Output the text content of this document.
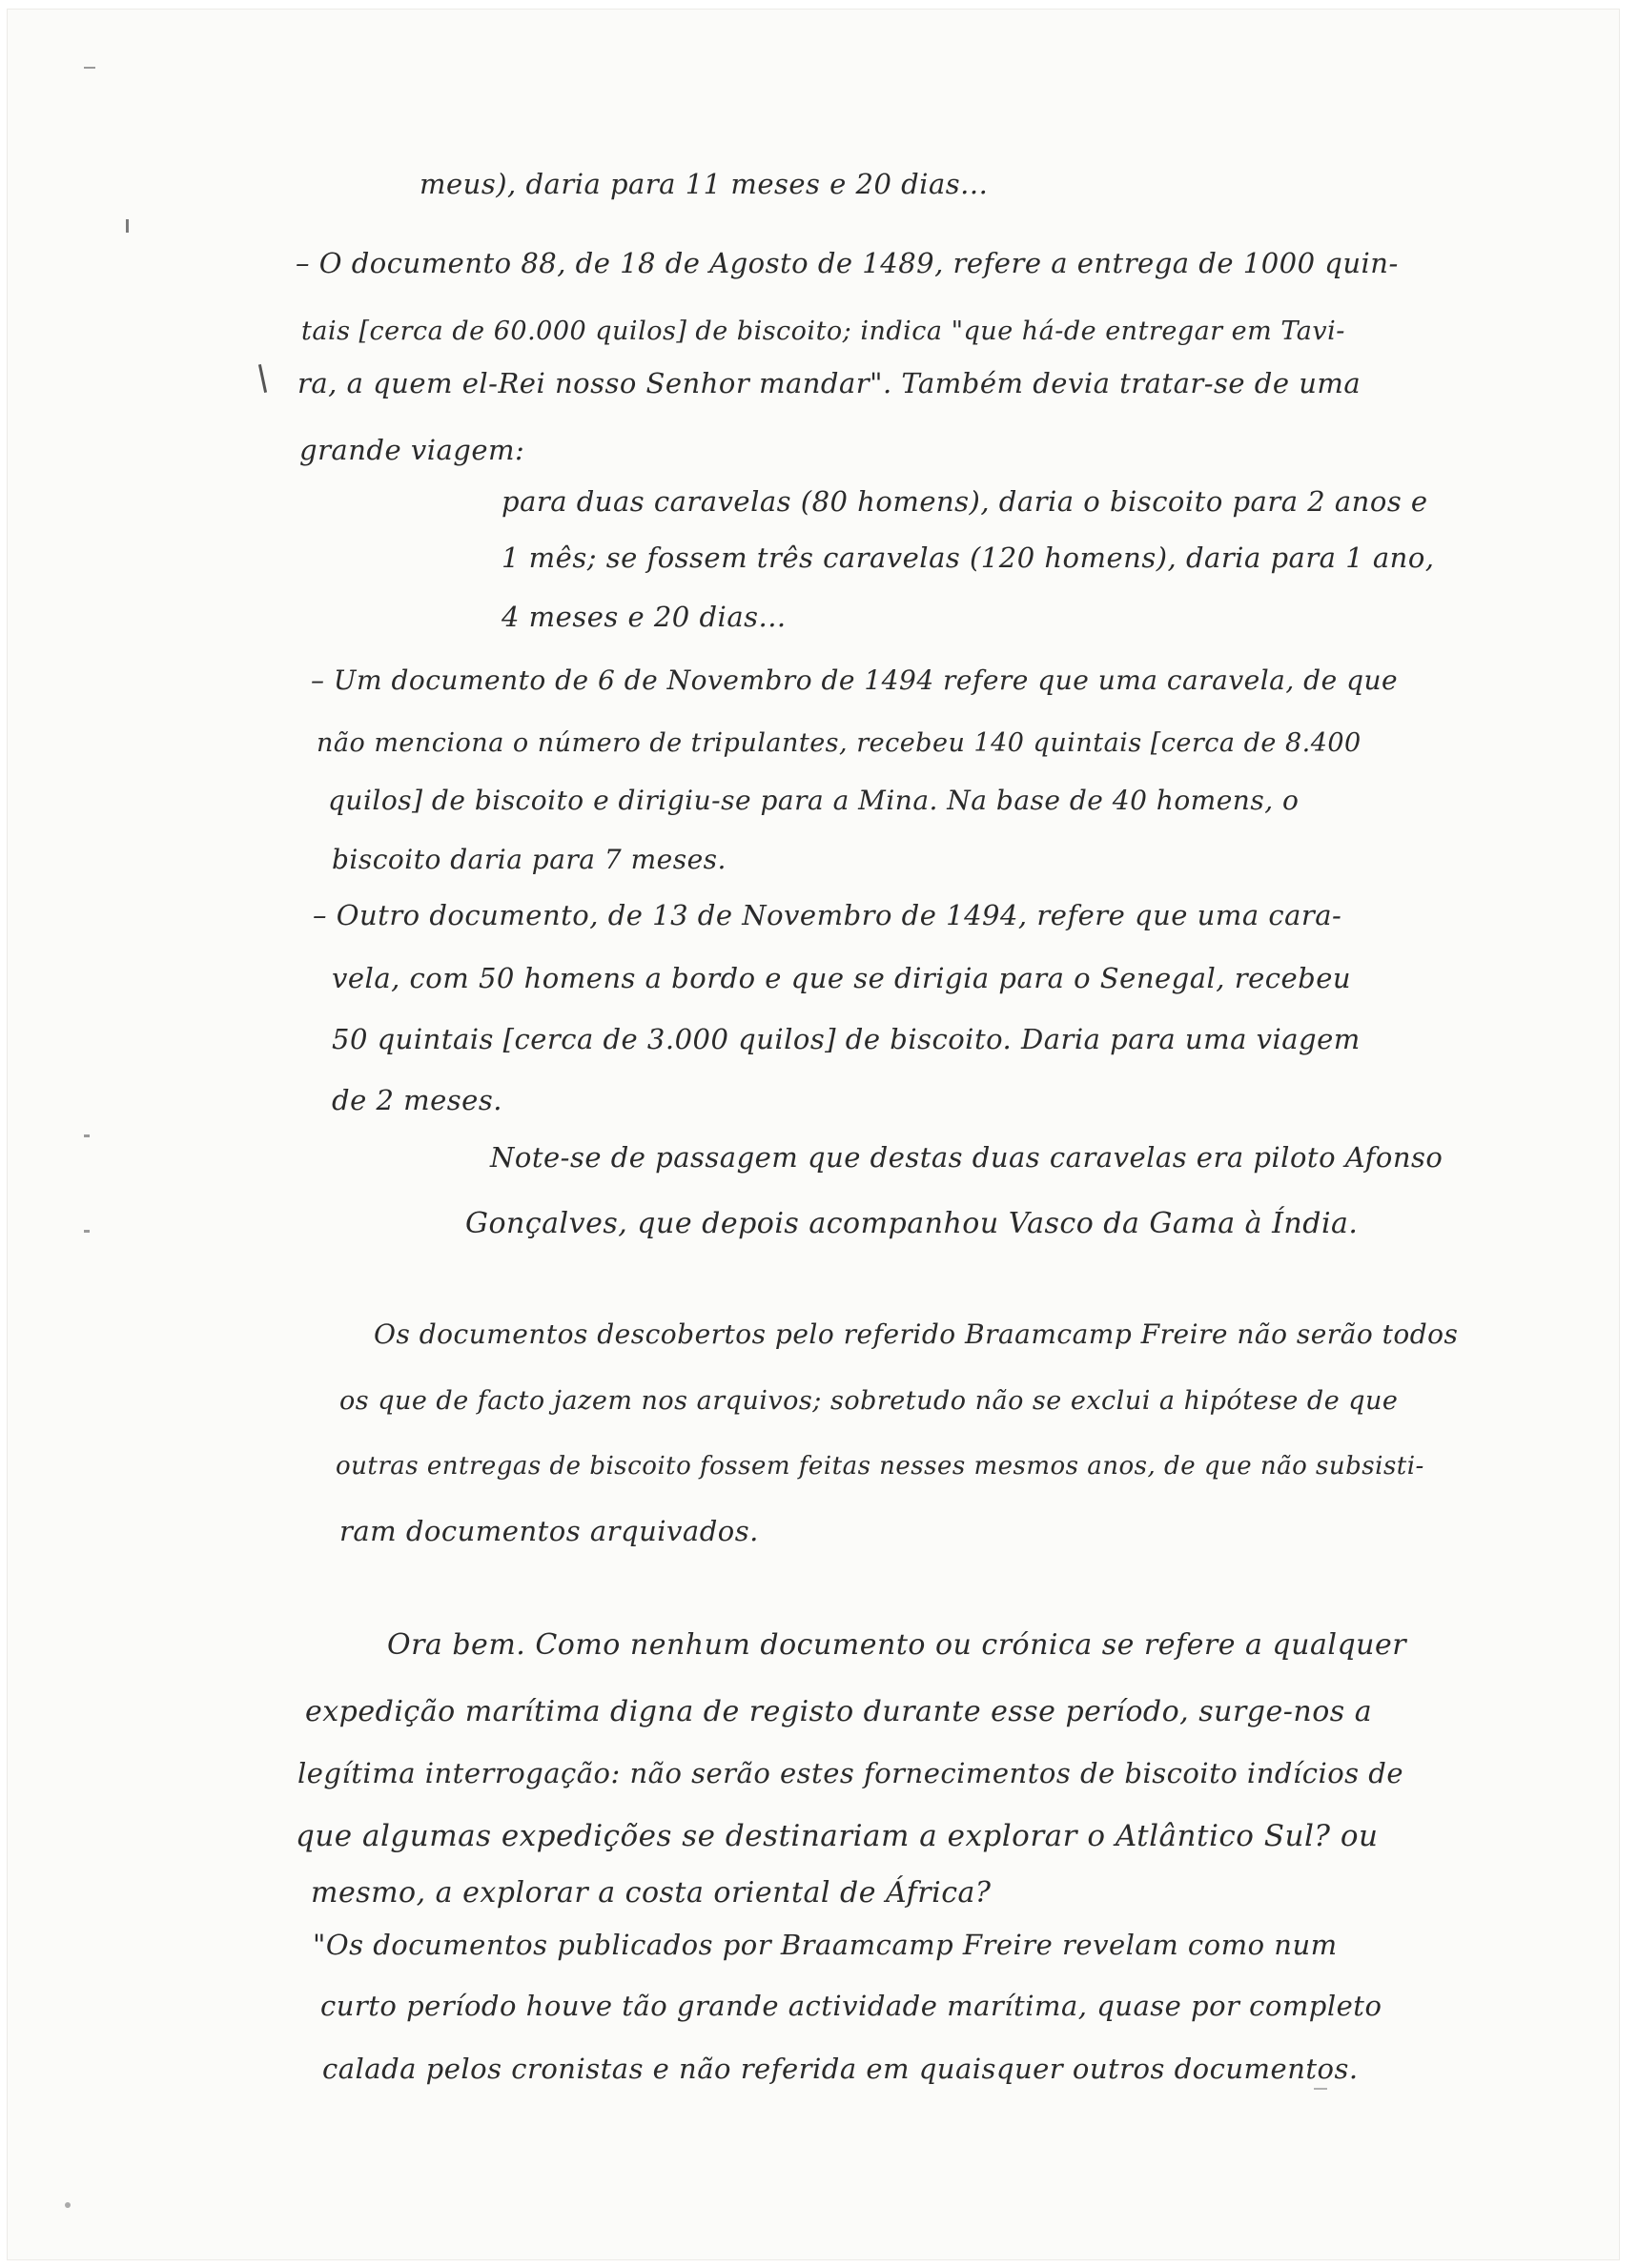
meus), daria para 11 meses e 20 dias...
– O documento 88, de 18 de Agosto de 1489, refere a entrega de 1000 quin-
tais [cerca de 60.000 quilos] de biscoito; indica "que há-de entregar em Tavi-
ra, a quem el-Rei nosso Senhor mandar". Também devia tratar-se de uma
grande viagem:
para duas caravelas (80 homens), daria o biscoito para 2 anos e
1 mês; se fossem três caravelas (120 homens), daria para 1 ano,
4 meses e 20 dias...
– Um documento de 6 de Novembro de 1494 refere que uma caravela, de que
não menciona o número de tripulantes, recebeu 140 quintais [cerca de 8.400
quilos] de biscoito e dirigiu-se para a Mina. Na base de 40 homens, o
biscoito daria para 7 meses.
– Outro documento, de 13 de Novembro de 1494, refere que uma cara-
vela, com 50 homens a bordo e que se dirigia para o Senegal, recebeu
50 quintais [cerca de 3.000 quilos] de biscoito. Daria para uma viagem
de 2 meses.
Note-se de passagem que destas duas caravelas era piloto Afonso
Gonçalves, que depois acompanhou Vasco da Gama à Índia.
Os documentos descobertos pelo referido Braamcamp Freire não serão todos
os que de facto jazem nos arquivos; sobretudo não se exclui a hipótese de que
outras entregas de biscoito fossem feitas nesses mesmos anos, de que não subsisti-
ram documentos arquivados.
Ora bem. Como nenhum documento ou crónica se refere a qualquer
expedição marítima digna de registo durante esse período, surge-nos a
legítima interrogação: não serão estes fornecimentos de biscoito indícios de
que algumas expedições se destinariam a explorar o Atlântico Sul? ou
mesmo, a explorar a costa oriental de África?
"Os documentos publicados por Braamcamp Freire revelam como num
curto período houve tão grande actividade marítima, quase por completo
calada pelos cronistas e não referida em quaisquer outros documentos.
